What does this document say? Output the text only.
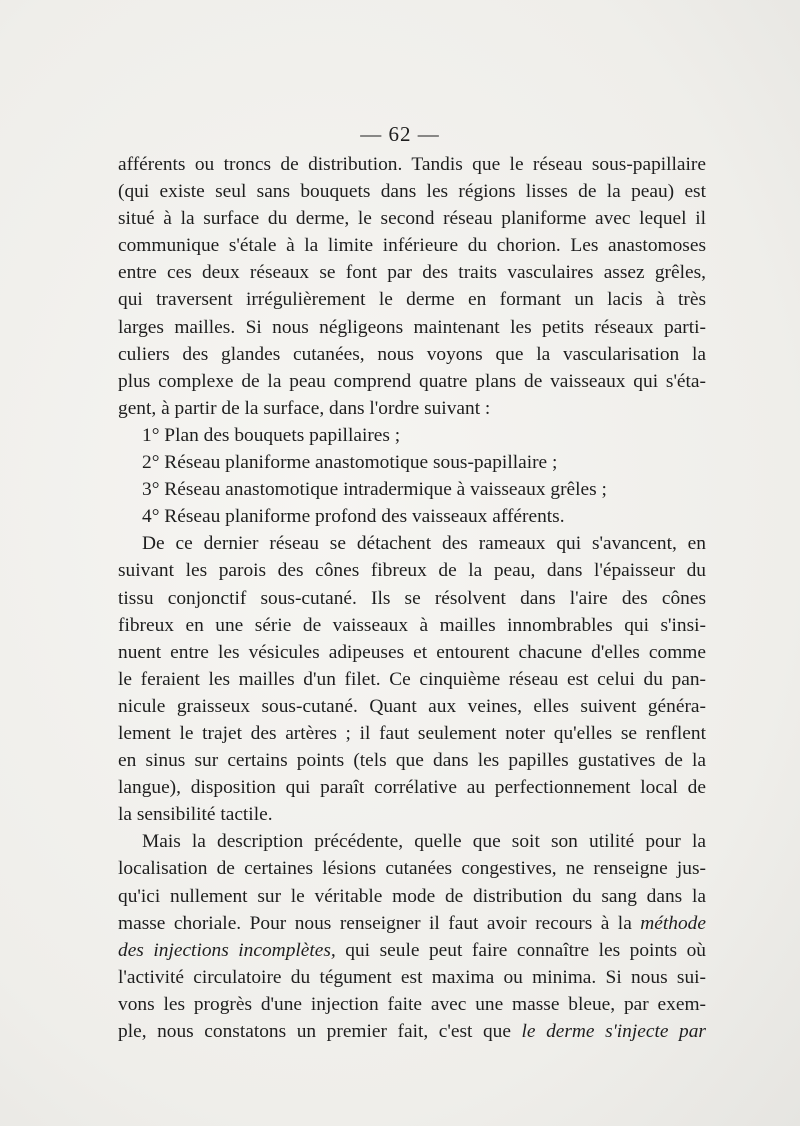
— 62 —
afférents ou troncs de distribution. Tandis que le réseau sous-papillaire
(qui existe seul sans bouquets dans les régions lisses de la peau) est
situé à la surface du derme, le second réseau planiforme avec lequel il
communique s'étale à la limite inférieure du chorion. Les anastomoses
entre ces deux réseaux se font par des traits vasculaires assez grêles,
qui traversent irrégulièrement le derme en formant un lacis à très
larges mailles. Si nous négligeons maintenant les petits réseaux parti-
culiers des glandes cutanées, nous voyons que la vascularisation la
plus complexe de la peau comprend quatre plans de vaisseaux qui s'éta-
gent, à partir de la surface, dans l'ordre suivant :
1° Plan des bouquets papillaires ;
2° Réseau planiforme anastomotique sous-papillaire ;
3° Réseau anastomotique intradermique à vaisseaux grêles ;
4° Réseau planiforme profond des vaisseaux afférents.
De ce dernier réseau se détachent des rameaux qui s'avancent, en
suivant les parois des cônes fibreux de la peau, dans l'épaisseur du
tissu conjonctif sous-cutané. Ils se résolvent dans l'aire des cônes
fibreux en une série de vaisseaux à mailles innombrables qui s'insi-
nuent entre les vésicules adipeuses et entourent chacune d'elles comme
le feraient les mailles d'un filet. Ce cinquième réseau est celui du pan-
nicule graisseux sous-cutané. Quant aux veines, elles suivent généra-
lement le trajet des artères ; il faut seulement noter qu'elles se renflent
en sinus sur certains points (tels que dans les papilles gustatives de la
langue), disposition qui paraît corrélative au perfectionnement local de
la sensibilité tactile.
Mais la description précédente, quelle que soit son utilité pour la
localisation de certaines lésions cutanées congestives, ne renseigne jus-
qu'ici nullement sur le véritable mode de distribution du sang dans la
masse choriale. Pour nous renseigner il faut avoir recours à la méthode
des injections incomplètes, qui seule peut faire connaître les points où
l'activité circulatoire du tégument est maxima ou minima. Si nous sui-
vons les progrès d'une injection faite avec une masse bleue, par exem-
ple, nous constatons un premier fait, c'est que le derme s'injecte par
